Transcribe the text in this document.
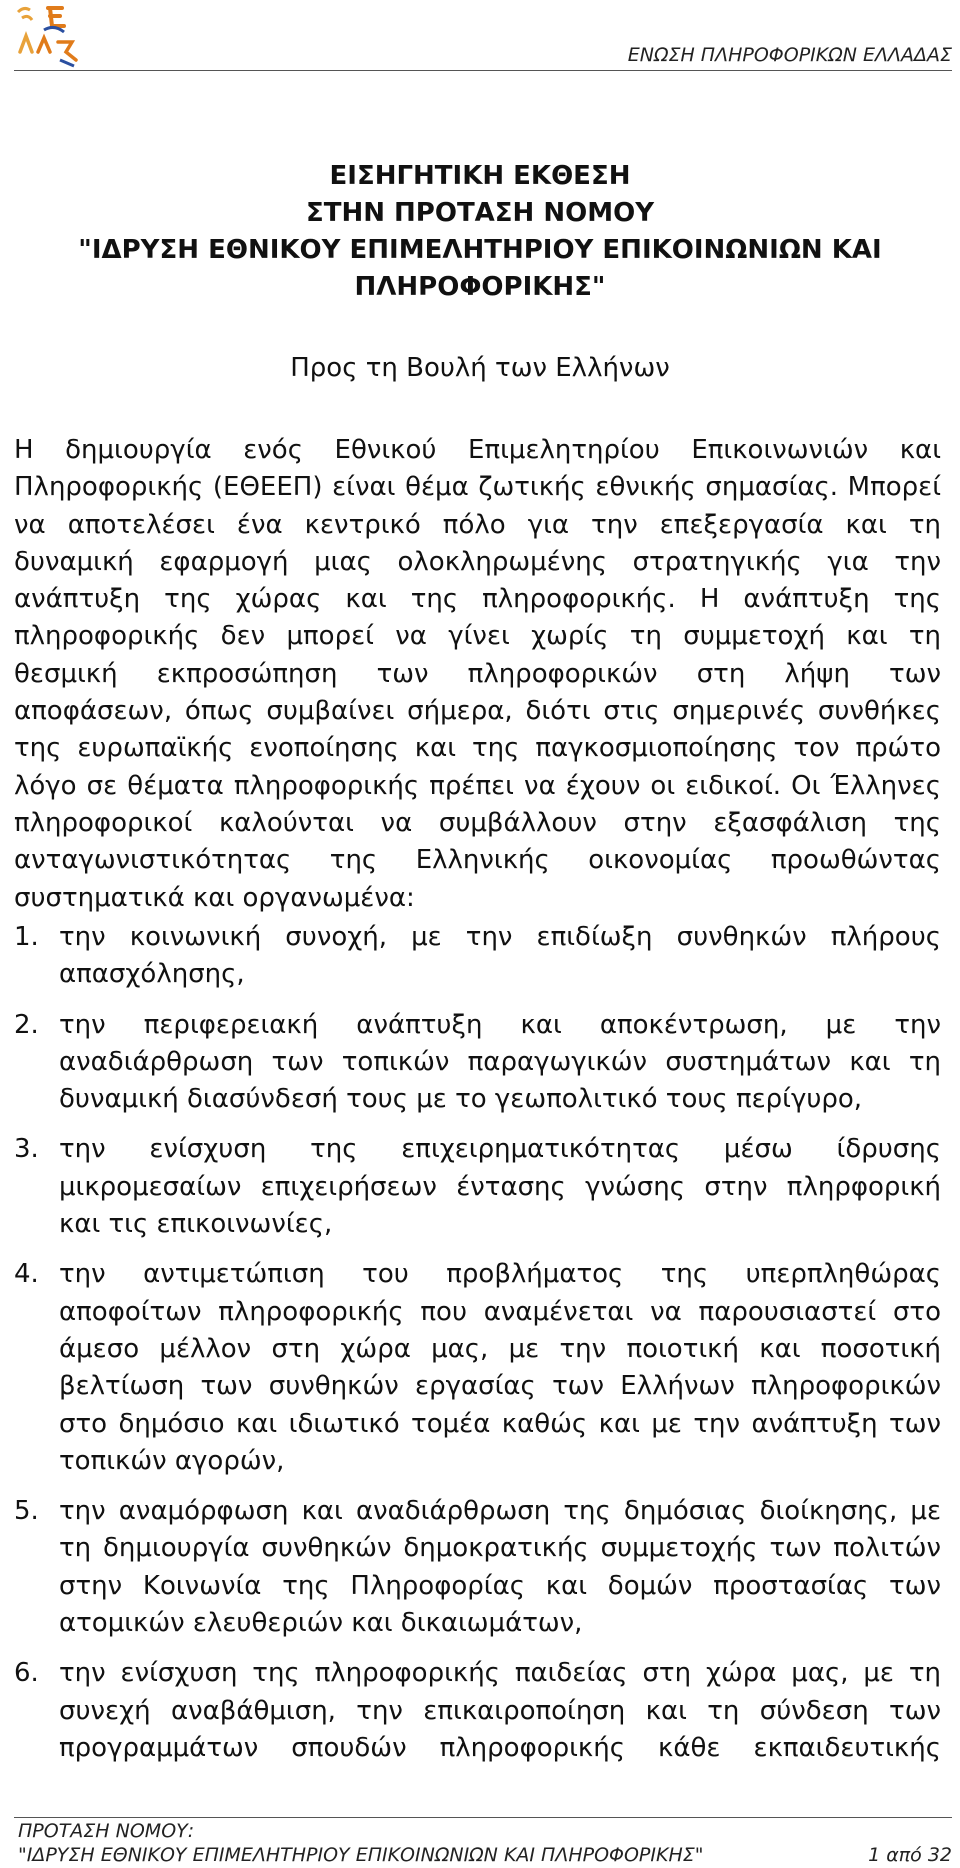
ΕΝΩΣΗ ΠΛΗΡΟΦΟΡΙΚΩΝ ΕΛΛΑΔΑΣ
ΕΙΣΗΓΗΤΙΚΗ ΕΚΘΕΣΗ
ΣΤΗΝ ΠΡΟΤΑΣΗ ΝΟΜΟΥ
"ΙΔΡΥΣΗ ΕΘΝΙΚΟΥ ΕΠΙΜΕΛΗΤΗΡΙΟΥ ΕΠΙΚΟΙΝΩΝΙΩΝ ΚΑΙ
ΠΛΗΡΟΦΟΡΙΚΗΣ"
Προς τη Βουλή των Ελλήνων
Η δημιουργία ενός Εθνικού Επιμελητηρίου Επικοινωνιών και
Πληροφορικής (ΕΘΕΕΠ) είναι θέμα ζωτικής εθνικής σημασίας. Μπορεί
να αποτελέσει ένα κεντρικό πόλο για την επεξεργασία και τη
δυναμική εφαρμογή μιας ολοκληρωμένης στρατηγικής για την
ανάπτυξη της χώρας και της πληροφορικής. Η ανάπτυξη της
πληροφορικής δεν μπορεί να γίνει χωρίς τη συμμετοχή και τη
θεσμική εκπροσώπηση των πληροφορικών στη λήψη των
αποφάσεων, όπως συμβαίνει σήμερα, διότι στις σημερινές συνθήκες
της ευρωπαϊκής ενοποίησης και της παγκοσμιοποίησης τον πρώτο
λόγο σε θέματα πληροφορικής πρέπει να έχουν οι ειδικοί. Οι Έλληνες
πληροφορικοί καλούνται να συμβάλλουν στην εξασφάλιση της
ανταγωνιστικότητας της Ελληνικής οικονομίας προωθώντας
συστηματικά και οργανωμένα:
1. την κοινωνική συνοχή, με την επιδίωξη συνθηκών πλήρους
απασχόλησης,
2. την περιφερειακή ανάπτυξη και αποκέντρωση, με την
αναδιάρθρωση των τοπικών παραγωγικών συστημάτων και τη
δυναμική διασύνδεσή τους με το γεωπολιτικό τους περίγυρο,
3. την ενίσχυση της επιχειρηματικότητας μέσω ίδρυσης
μικρομεσαίων επιχειρήσεων έντασης γνώσης στην πληρφορική
και τις επικοινωνίες,
4. την αντιμετώπιση του προβλήματος της υπερπληθώρας
αποφοίτων πληροφορικής που αναμένεται να παρουσιαστεί στο
άμεσο μέλλον στη χώρα μας, με την ποιοτική και ποσοτική
βελτίωση των συνθηκών εργασίας των Ελλήνων πληροφορικών
στο δημόσιο και ιδιωτικό τομέα καθώς και με την ανάπτυξη των
τοπικών αγορών,
5. την αναμόρφωση και αναδιάρθρωση της δημόσιας διοίκησης, με
τη δημιουργία συνθηκών δημοκρατικής συμμετοχής των πολιτών
στην Κοινωνία της Πληροφορίας και δομών προστασίας των
ατομικών ελευθεριών και δικαιωμάτων,
6. την ενίσχυση της πληροφορικής παιδείας στη χώρα μας, με τη
συνεχή αναβάθμιση, την επικαιροποίηση και τη σύνδεση των
προγραμμάτων σπουδών πληροφορικής κάθε εκπαιδευτικής
ΠΡΟΤΑΣΗ ΝΟΜΟΥ:
"ΙΔΡΥΣΗ ΕΘΝΙΚΟΥ ΕΠΙΜΕΛΗΤΗΡΙΟΥ ΕΠΙΚΟΙΝΩΝΙΩΝ ΚΑΙ ΠΛΗΡΟΦΟΡΙΚΗΣ"	1 από 32
